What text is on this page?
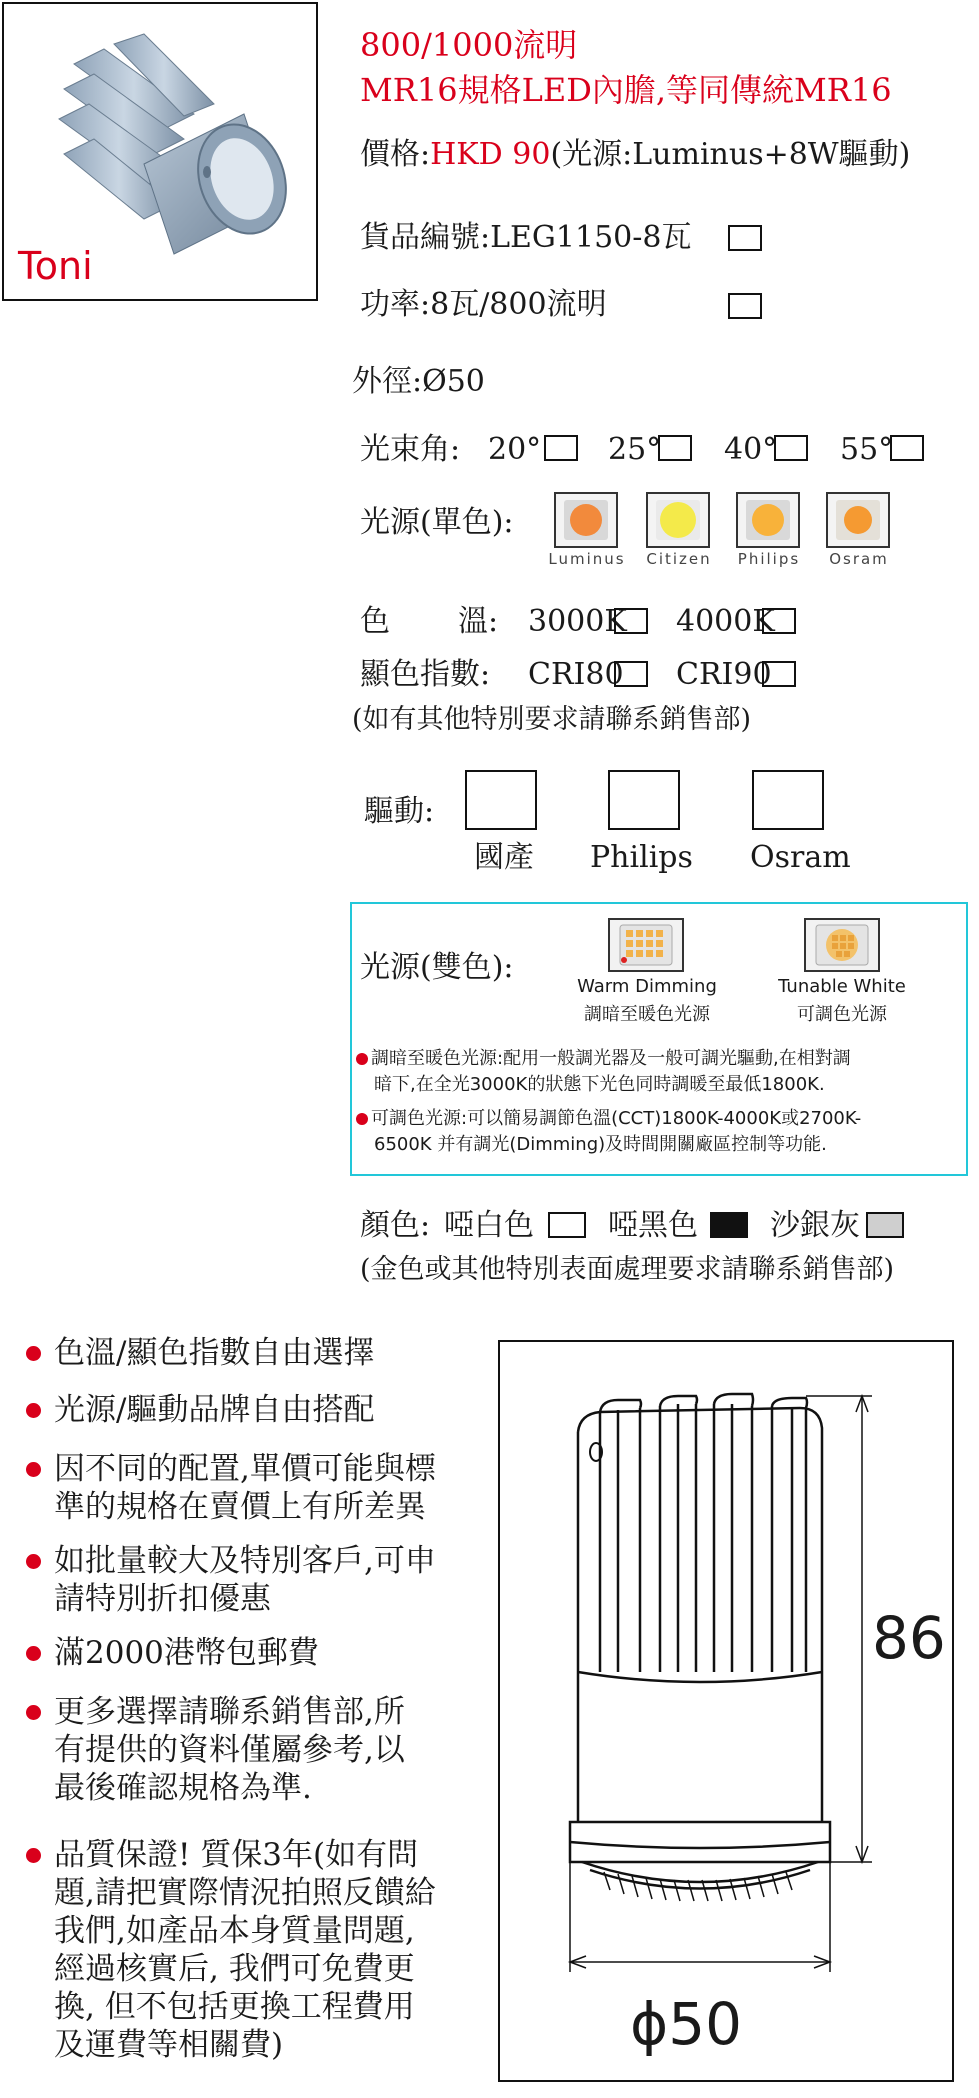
Toni
800/1000流明
MR16規格LED內膽,等同傳統MR16
價格:HKD 90(光源:Luminus+8W驅動)
貨品編號:LEG1150-8瓦
功率:8瓦/800流明
外徑:Ø50
光束角: 20° 25° 40° 55°
光源(單色):
Luminus	Citizen	Philips	Osram
色 溫: 3000K 4000K
顯色指數: CRI80 CRI90
(如有其他特別要求請聯系銷售部)
驅動:
國產 Philips Osram
光源(雙色):
Warm Dimming
調暗至暖色光源
Tunable White
可調色光源
調暗至暖色光源:配用一般調光器及一般可調光驅動,在相對調
暗下,在全光3000K的狀態下光色同時調暖至最低1800K.
可調色光源:可以簡易調節色溫(CCT)1800K-4000K或2700K-
6500K 并有調光(Dimming)及時間開關廠區控制等功能.
顏色: 啞白色 啞黑色 沙銀灰
(金色或其他特別表面處理要求請聯系銷售部)
色溫/顯色指數自由選擇
光源/驅動品牌自由搭配
因不同的配置,單價可能與標
準的規格在賣價上有所差異
如批量較大及特別客戶,可申
請特別折扣優惠
滿2000港幣包郵費
更多選擇請聯系銷售部,所
有提供的資料僅屬參考,以
最後確認規格為準.
品質保證! 質保3年(如有問
題,請把實際情況拍照反饋給
我們,如產品本身質量問題,
經過核實后, 我們可免費更
換, 但不包括更換工程費用
及運費等相關費)
86
ϕ50
